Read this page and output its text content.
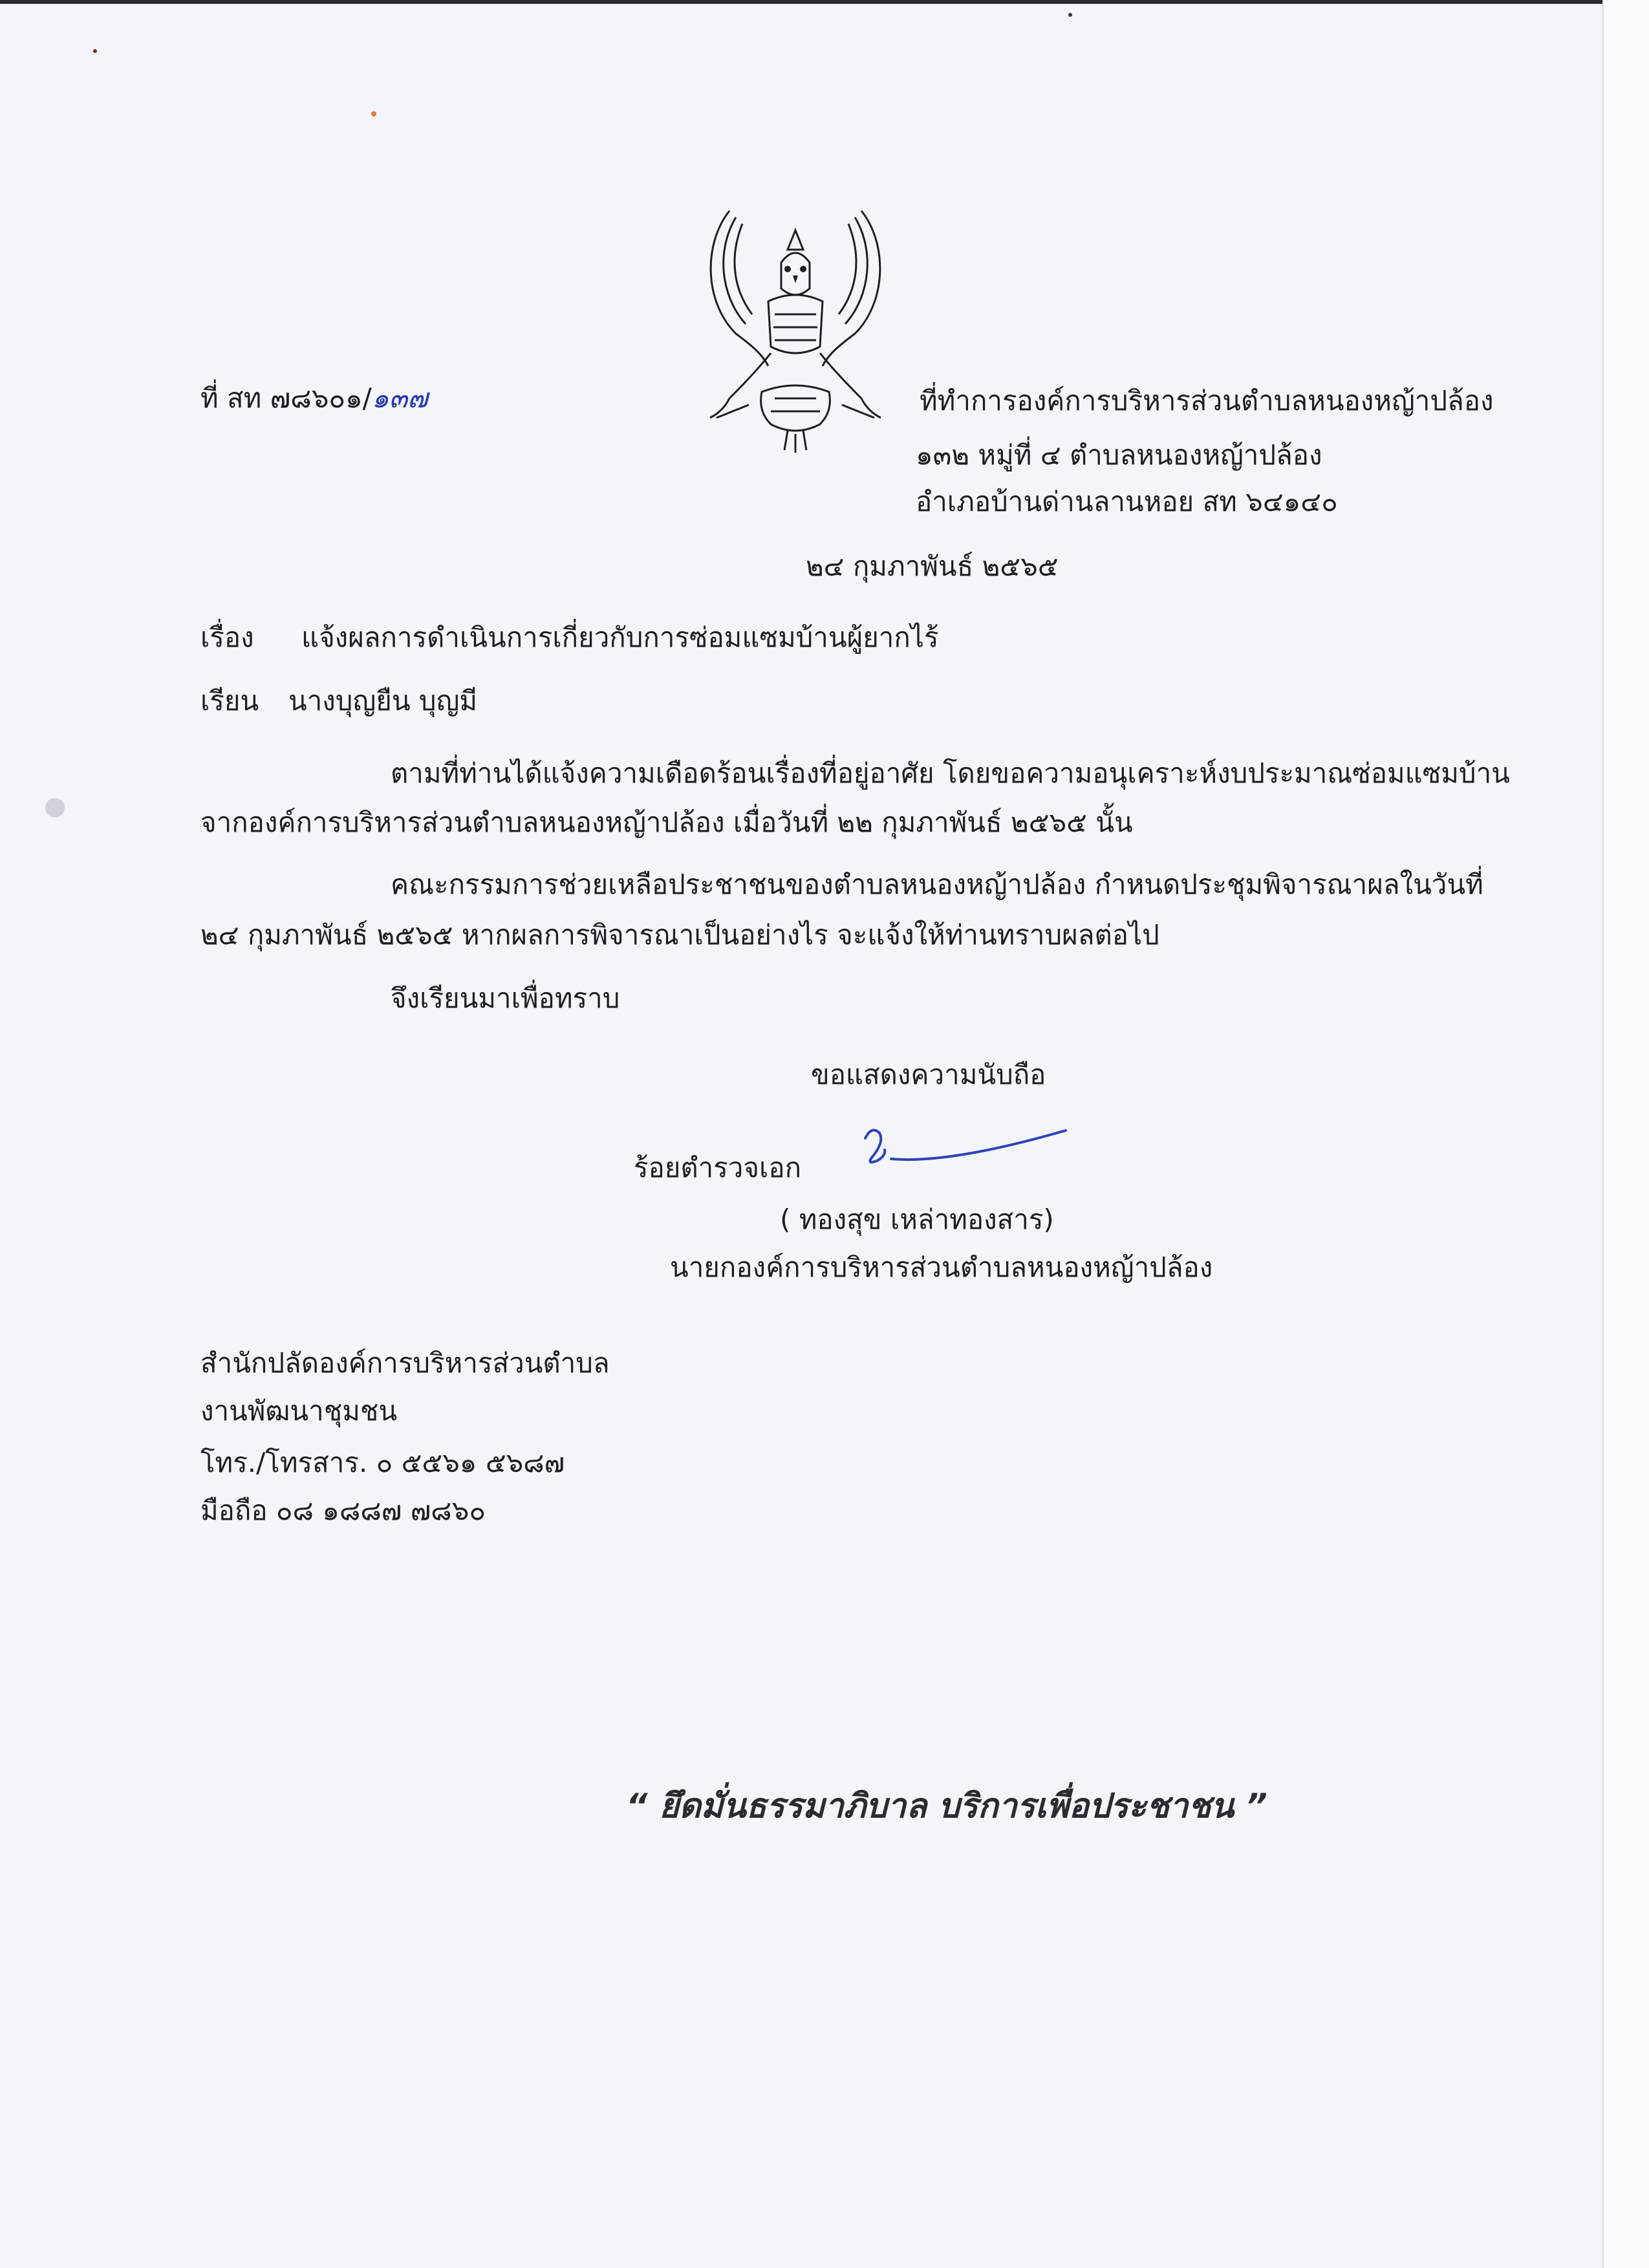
ที่ สท ๗๘๖๐๑/๑๓๗	ที่ทำการองค์การบริหารส่วนตำบลหนองหญ้าปล้อง
๑๓๒ หมู่ที่ ๔ ตำบลหนองหญ้าปล้อง
อำเภอบ้านด่านลานหอย สท ๖๔๑๔๐
๒๔ กุมภาพันธ์ ๒๕๖๕
เรื่อง แจ้งผลการดำเนินการเกี่ยวกับการซ่อมแซมบ้านผู้ยากไร้
เรียน นางบุญยืน บุญมี
ตามที่ท่านได้แจ้งความเดือดร้อนเรื่องที่อยู่อาศัย โดยขอความอนุเคราะห์งบประมาณซ่อมแซมบ้าน
จากองค์การบริหารส่วนตำบลหนองหญ้าปล้อง เมื่อวันที่ ๒๒ กุมภาพันธ์ ๒๕๖๕ นั้น
คณะกรรมการช่วยเหลือประชาชนของตำบลหนองหญ้าปล้อง กำหนดประชุมพิจารณาผลในวันที่
๒๔ กุมภาพันธ์ ๒๕๖๕ หากผลการพิจารณาเป็นอย่างไร จะแจ้งให้ท่านทราบผลต่อไป
จึงเรียนมาเพื่อทราบ
ขอแสดงความนับถือ
ร้อยตำรวจเอก
( ทองสุข เหล่าทองสาร)
นายกองค์การบริหารส่วนตำบลหนองหญ้าปล้อง
สำนักปลัดองค์การบริหารส่วนตำบล
งานพัฒนาชุมชน
โทร./โทรสาร. ๐ ๕๕๖๑ ๕๖๘๗
มือถือ ๐๘ ๑๘๘๗ ๗๘๖๐
“ ยึดมั่นธรรมาภิบาล บริการเพื่อประชาชน ”
